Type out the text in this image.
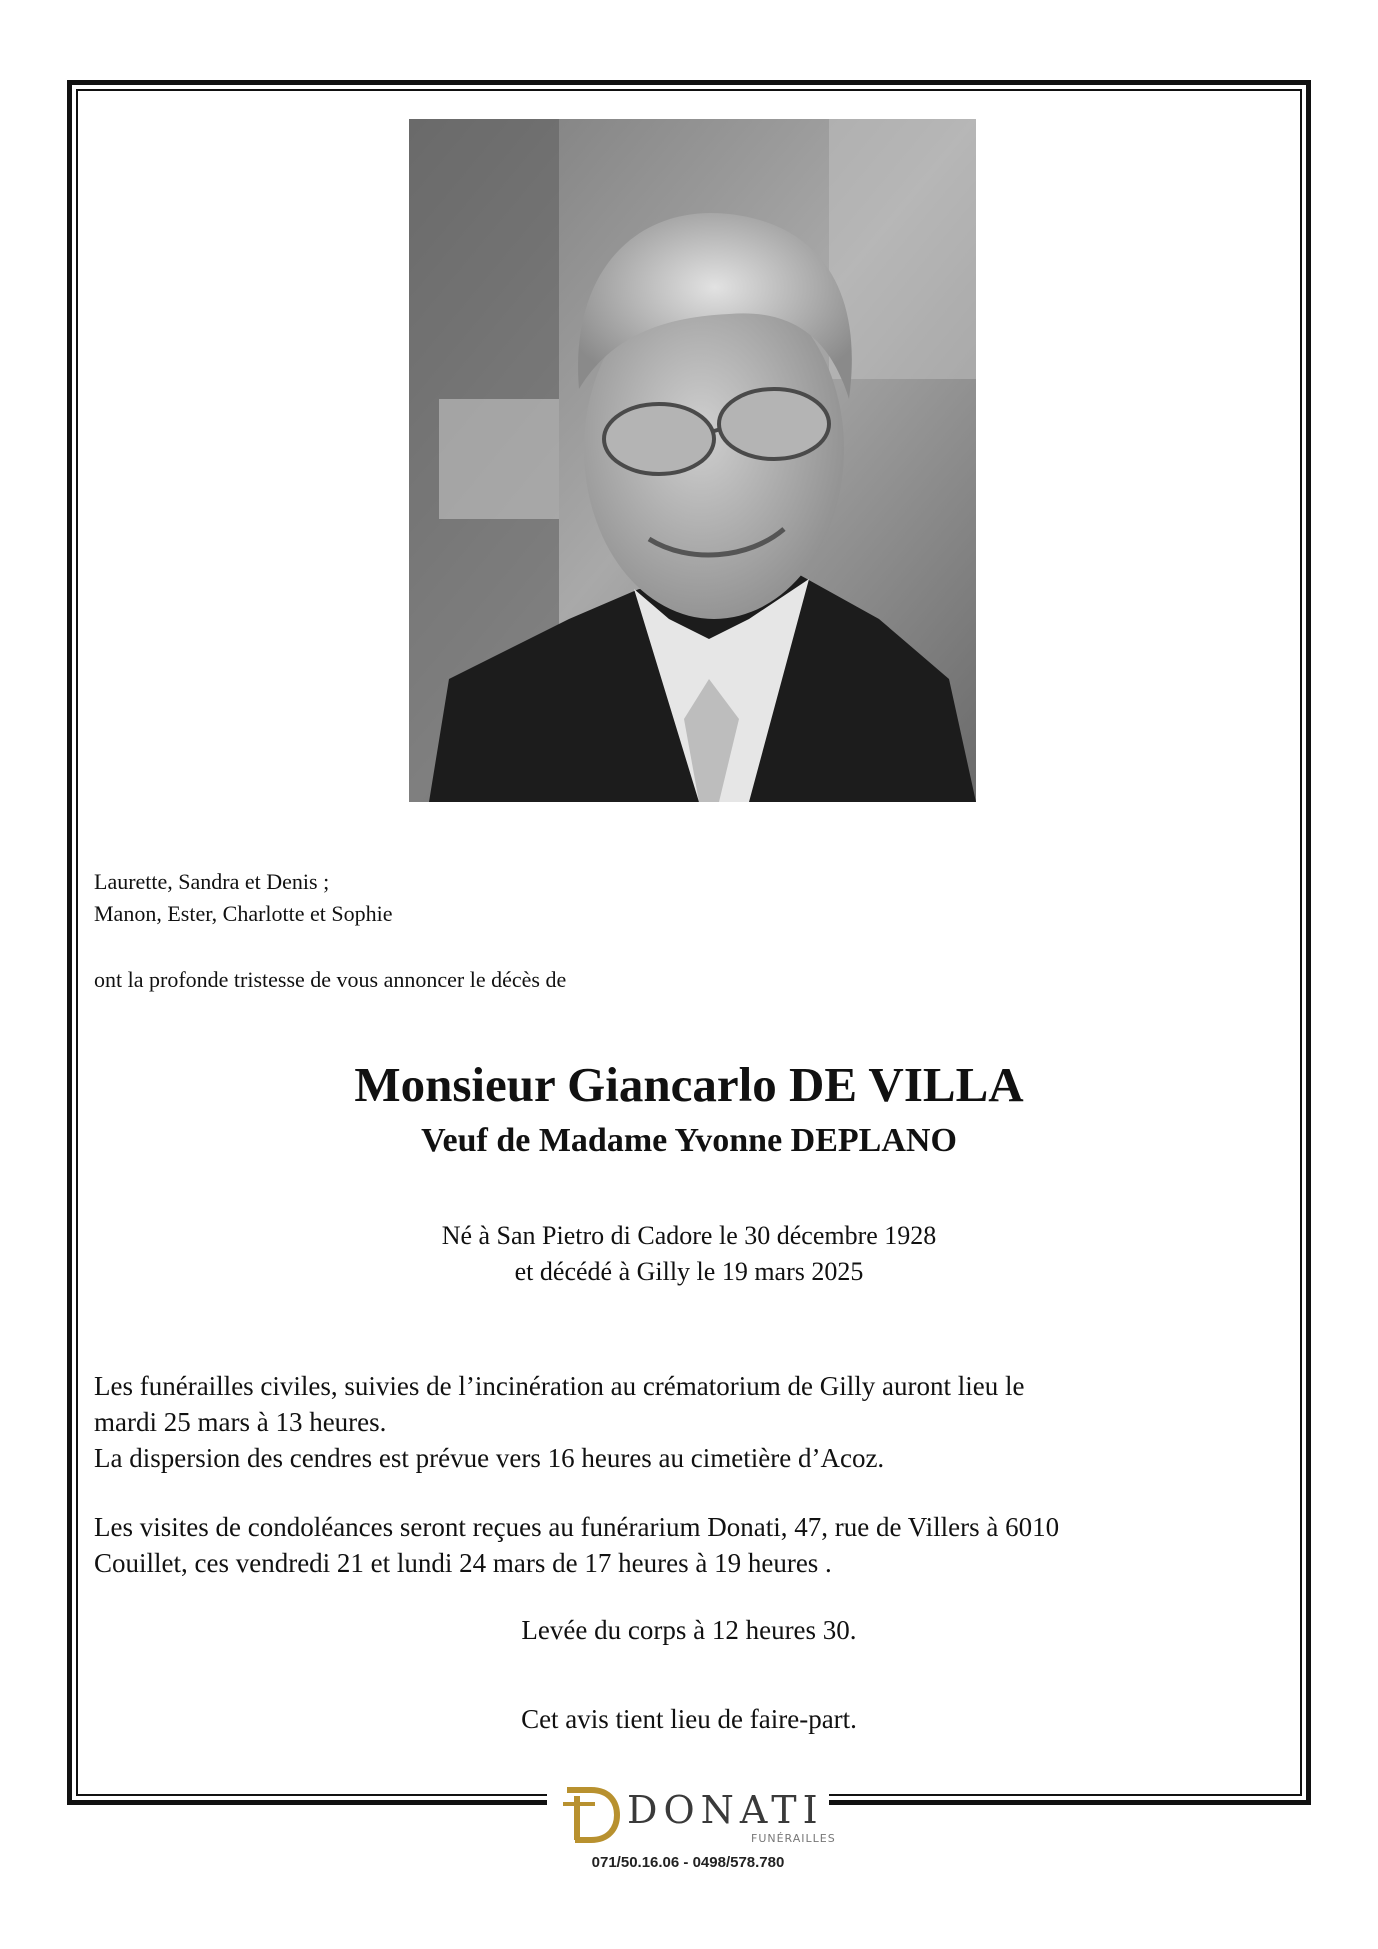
Laurette, Sandra et Denis ;
Manon, Ester, Charlotte et Sophie
ont la profonde tristesse de vous annoncer le décès de
Monsieur Giancarlo DE VILLA
Veuf de Madame Yvonne DEPLANO
Né à San Pietro di Cadore le 30 décembre 1928
et décédé à Gilly le 19 mars 2025
Les funérailles civiles, suivies de l’incinération au crématorium de Gilly auront lieu le
mardi 25 mars à 13 heures.
La dispersion des cendres est prévue vers 16 heures au cimetière d’Acoz.
Les visites de condoléances seront reçues au funérarium Donati, 47, rue de Villers à 6010
Couillet, ces vendredi 21 et lundi 24 mars de 17 heures à 19 heures .
Levée du corps à 12 heures 30.
Cet avis tient lieu de faire-part.
DONATI
FUNÉRAILLES
071/50.16.06 - 0498/578.780
